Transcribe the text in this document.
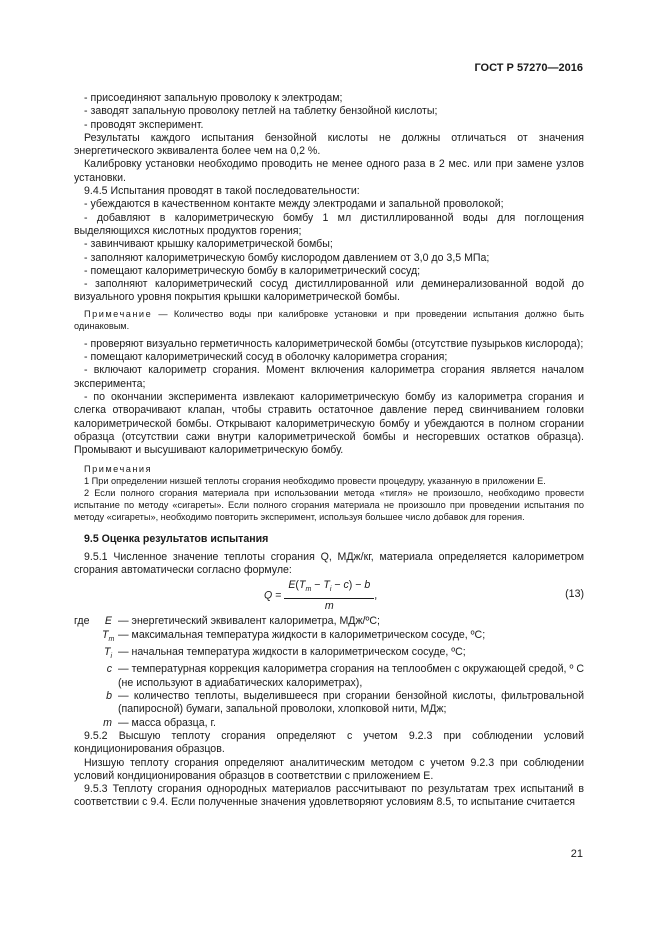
ГОСТ Р 57270—2016

- присоединяют запальную проволоку к электродам;

- заводят запальную проволоку петлей на таблетку бензойной кислоты;

- проводят эксперимент.

Результаты каждого испытания бензойной кислоты не должны отличаться от значения энергетического эквивалента более чем на 0,2 %.

Калибровку установки необходимо проводить не менее одного раза в 2 мес. или при замене узлов установки.

9.4.5 Испытания проводят в такой последовательности:

- убеждаются в качественном контакте между электродами и запальной проволокой;

- добавляют в калориметрическую бомбу 1 мл дистиллированной воды для поглощения выделяющихся кислотных продуктов горения;

- завинчивают крышку калориметрической бомбы;

- заполняют калориметрическую бомбу кислородом давлением от 3,0 до 3,5 МПа;

- помещают калориметрическую бомбу в калориметрический сосуд;

- заполняют калориметрический сосуд дистиллированной или деминерализованной водой до визуального уровня покрытия крышки калориметрической бомбы.

Примечание — Количество воды при калибровке установки и при проведении испытания должно быть одинаковым.

- проверяют визуально герметичность калориметрической бомбы (отсутствие пузырьков кислорода);

- помещают калориметрический сосуд в оболочку калориметра сгорания;

- включают калориметр сгорания. Момент включения калориметра сгорания является началом эксперимента;

- по окончании эксперимента извлекают калориметрическую бомбу из калориметра сгорания и слегка отворачивают клапан, чтобы стравить остаточное давление перед свинчиванием головки калориметрической бомбы. Открывают калориметрическую бомбу и убеждаются в полном сгорании образца (отсутствии сажи внутри калориметрической бомбы и несгоревших остатков образца). Промывают и высушивают калориметрическую бомбу.

Примечания

1 При определении низшей теплоты сгорания необходимо провести процедуру, указанную в приложении Е.

2 Если полного сгорания материала при использовании метода «тигля» не произошло, необходимо провести испытание по методу «сигареты». Если полного сгорания материала не произошло при проведении испытания по методу «сигареты», необходимо повторить эксперимент, используя большее число добавок для горения.

9.5 Оценка результатов испытания

9.5.1 Численное значение теплоты сгорания Q, МДж/кг, материала определяется калориметром сгорания автоматически согласно формуле:

$Q = \frac{E(T_m - T_i - c) - b}{m}$ ,	(13)
где	E — энергетический эквивалент калориметра, МДж/ºС;
$T_m$ — максимальная температура жидкости в калориметрическом сосуде, ºС;
$T_i$ — начальная температура жидкости в калориметрическом сосуде, ºС;
c — температурная коррекция калориметра сгорания на теплообмен с окружающей средой, º С (не используют в адиабатических калориметрах),
b — количество теплоты, выделившееся при сгорании бензойной кислоты, фильтровальной (папиросной) бумаги, запальной проволоки, хлопковой нити, МДж;
m — масса образца, г.

9.5.2 Высшую теплоту сгорания определяют с учетом 9.2.3 при соблюдении условий кондиционирования образцов.

Низшую теплоту сгорания определяют аналитическим методом с учетом 9.2.3 при соблюдении условий кондиционирования образцов в соответствии с приложением Е.

9.5.3 Теплоту сгорания однородных материалов рассчитывают по результатам трех испытаний в соответствии с 9.4. Если полученные значения удовлетворяют условиям 8.5, то испытание считается

21
